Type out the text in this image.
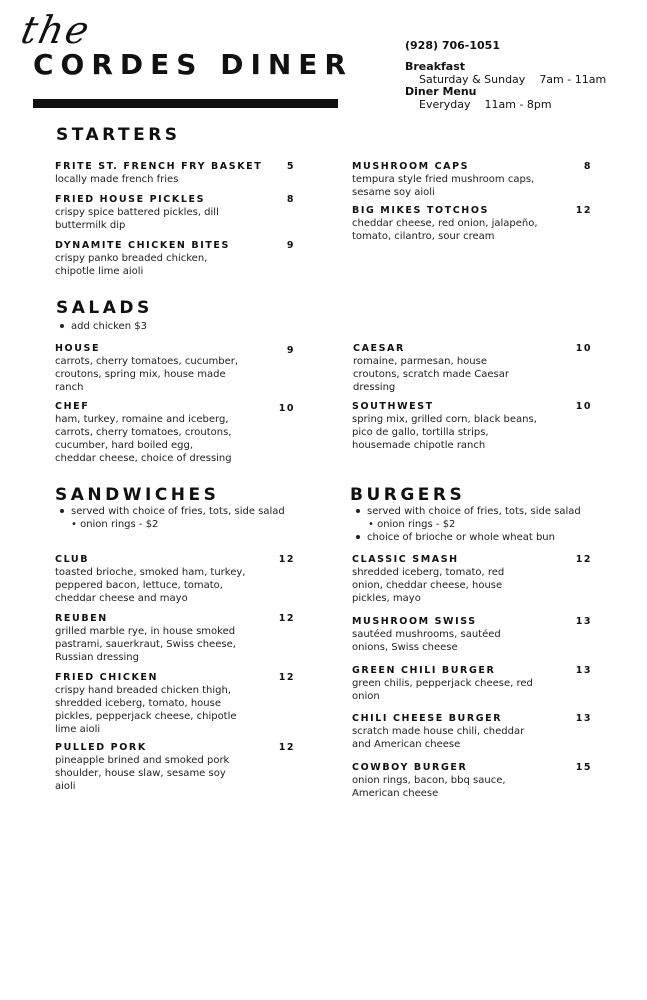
the
CORDES DINER
(928) 706-1051
Breakfast
Saturday & Sunday 7am - 11am
Diner Menu
Everyday 11am - 8pm
STARTERS
FRITE ST. FRENCH FRY BASKET
locally made french fries
5
FRIED HOUSE PICKLES
crispy spice battered pickles, dill
buttermilk dip
8
DYNAMITE CHICKEN BITES
crispy panko breaded chicken,
chipotle lime aioli
9
MUSHROOM CAPS
tempura style fried mushroom caps,
sesame soy aioli
8
BIG MIKES TOTCHOS
cheddar cheese, red onion, jalapeño,
tomato, cilantro, sour cream
12
SALADS
add chicken $3
HOUSE
carrots, cherry tomatoes, cucumber,
croutons, spring mix, house made
ranch
9
CHEF
ham, turkey, romaine and iceberg,
carrots, cherry tomatoes, croutons,
cucumber, hard boiled egg,
cheddar cheese, choice of dressing
10
CAESAR
romaine, parmesan, house
croutons, scratch made Caesar
dressing
10
SOUTHWEST
spring mix, grilled corn, black beans,
pico de gallo, tortilla strips,
housemade chipotle ranch
10
SANDWICHES
served with choice of fries, tots, side salad
• onion rings - $2
CLUB
toasted brioche, smoked ham, turkey,
peppered bacon, lettuce, tomato,
cheddar cheese and mayo
12
REUBEN
grilled marble rye, in house smoked
pastrami, sauerkraut, Swiss cheese,
Russian dressing
12
FRIED CHICKEN
crispy hand breaded chicken thigh,
shredded iceberg, tomato, house
pickles, pepperjack cheese, chipotle
lime aioli
12
PULLED PORK
pineapple brined and smoked pork
shoulder, house slaw, sesame soy
aioli
12
BURGERS
served with choice of fries, tots, side salad
• onion rings - $2
choice of brioche or whole wheat bun
CLASSIC SMASH
shredded iceberg, tomato, red
onion, cheddar cheese, house
pickles, mayo
12
MUSHROOM SWISS
sautéed mushrooms, sautéed
onions, Swiss cheese
13
GREEN CHILI BURGER
green chilis, pepperjack cheese, red
onion
13
CHILI CHEESE BURGER
scratch made house chili, cheddar
and American cheese
13
COWBOY BURGER
onion rings, bacon, bbq sauce,
American cheese
15
